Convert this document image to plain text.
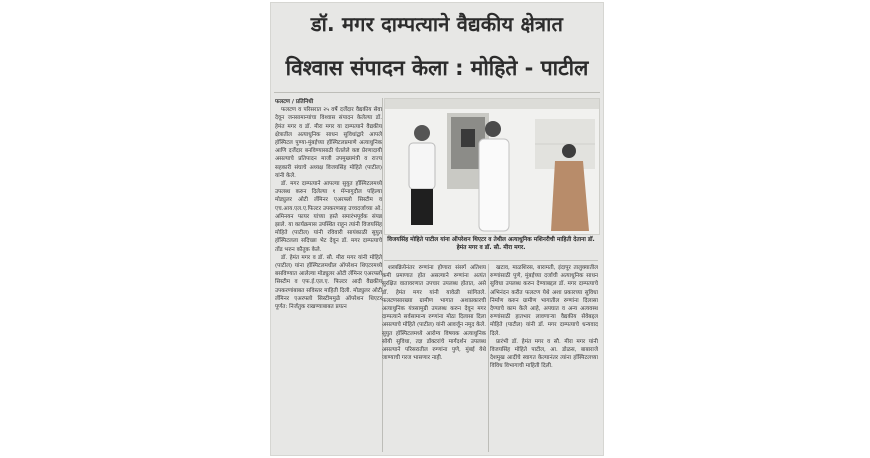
डॉ. मगर दाम्पत्याने वैद्यकीय क्षेत्रात
विश्वास संपादन केला : मोहिते - पाटील

फलटण / प्रतिनिधी

फलटण व परिसरात २५ वर्षे दर्जेदार वैद्यकीय सेवा देवून जनसामान्यांचा विश्वास संपादन केलेल्या डॉ. हेमंत मगर व डॉ. मीरा मगर या दाम्पत्याने वैद्यकीय क्षेत्रातील अत्याधुनिक साधन सुविधांद्वारे आपले हॉस्पिटल पुण्या-मुंबईच्या हॉस्पिटलप्रमाणे अत्याधुनिक आणि दर्जेदार बनविण्यासाठी घेतलेले कष्ट प्रेरणादायी असल्याचे प्रतिपादन माजी उपमुख्यमंत्री व राज्य सहकारी संघाचे अध्यक्ष विजयसिंह मोहिते (पाटील) यांनी केले.

डॉ. मगर दाम्पत्याने आपल्या सुयुत हॉस्पिटलमध्ये उपलब्ध करुन दिलेल्या १ मॅग्नागुदौल पहिल्या मोड्युलर ओटी लॅमिनर एअरफ्लो सिस्टीम व एच.आय.एल.ए.फिल्टर उपकरणसह उच्चदर्जाच्या ओ. अमिनयन फायर यांच्या हस्ते समारंभपूर्वक संपन्न झाले. या कार्यक्रमास उपस्थित राहून त्यांनी विजयसिंह मोहिते (पाटील) यांनी रविवारी सायंकाळी सुयुत हॉस्पिटलला सदिच्छा भेट देवून डॉ. मगर दाम्पत्याचे तोंड भरुन कौतुक केले.

डॉ. हेमंत मगर व डॉ. सौ. मीरा मगर यांनी मोहिते (पाटील) यांना हॉस्पिटलमधील ऑपरेशन थिएटरमध्ये बसविण्यात आलेल्या मोड्युलर ओटी लॅमिनर एअरफ्लो सिस्टीम व एफ.ई.एल.ए. फिल्टर आदी वैद्यकीय उपकरणांबाबत सविस्तर माहिती दिली. मोड्युलर ओटी लॅमिनर एअरफ्लो सिस्टीममुळे ऑपरेशन थिएटर पूर्णत: निर्जंतुक राखण्याबाबत प्रयत्न

विजयसिंह मोहिते पाटील यांना ऑपरेशन थिएटर व तेथील अत्याधुनिक मशिनरीची माहिती देताना डॉ. हेमंत मगर व डॉ. सौ. मीरा मगर.

शस्त्रक्रियेनंतर रुग्णांना होणारा संसर्ग अतिशय कमी प्रमाणात होत असल्याने रुग्णांना अत्यंत सुरक्षित वातावरणात उपचार उपलब्ध होतात, असे डॉ. हेमंत मगर यांनी यावेळी सांगितले. फलटणसारख्या ग्रामीण भागात अशाप्रकारची अत्याधुनिक यंत्रसामुग्री उपलब्ध करुन देवून मगर दाम्पत्याने सर्वसामान्य रुग्णांना मोठा दिलासा दिला असल्याचे मोहिते (पाटील) यांनी आवर्जून नमूद केले. सुयुत हॉस्पिटलमध्ये आरोग्य विषयक अत्याधुनिक सोयी सुविधा, तज्ञ डॉक्टरांचे मार्गदर्शन उपलब्ध असल्याने परिसरातील रुग्णांना पुणे, मुंबई येथे जाण्याची गरज भासणार नाही.

खटाव, माळशिरस, बारामती, इंदापूर तालुक्यातील रुग्णांसाठी पुणे, मुंबईच्या दर्जाची अत्याधुनिक साधन सुविधा उपलब्ध करुन देण्याबद्दल डॉ. मगर दाम्पत्याचे अभिनंदन करीत फलटण येथे अशा प्रकारच्या सुविधा निर्माण करुन ग्रामीण भागातील रुग्णांना दिलासा देण्याचे काम केले आहे, अपघात व अन्य अत्यवस्थ रुग्णांसाठी हातभार लावणाऱ्या वैद्यकीय सेवेबद्दल मोहिते (पाटील) यांनी डॉ. मगर दाम्पत्याचे धन्यवाद दिले.

प्रारंभी डॉ. हेमंत मगर व सौ. मीरा मगर यांनी विजयसिंह मोहिते पाटील, आ. डोळस, बाबाराजे देशमुख आदींचे स्वागत केल्यानंतर त्यांना हॉस्पिटलच्या विविध विभागाची माहिती दिली.
